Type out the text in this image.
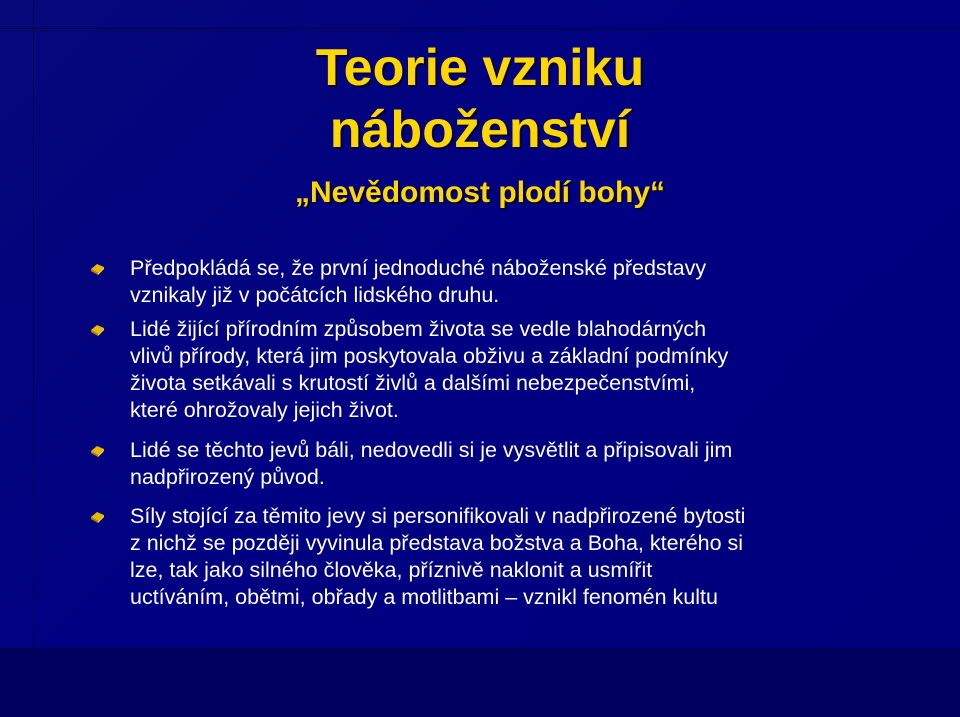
Teorie vzniku
náboženství
„Nevědomost plodí bohy“

Předpokládá se, že první jednoduché náboženské představy
vznikaly již v počátcích lidského druhu.

Lidé žijící přírodním způsobem života se vedle blahodárných
vlivů přírody, která jim poskytovala obživu a základní podmínky
života setkávali s krutostí živlů a dalšími nebezpečenstvími,
které ohrožovaly jejich život.

Lidé se těchto jevů báli, nedovedli si je vysvětlit a připisovali jim
nadpřirozený původ.

Síly stojící za těmito jevy si personifikovali v nadpřirozené bytosti
z nichž se později vyvinula představa božstva a Boha, kterého si
lze, tak jako silného člověka, příznivě naklonit a usmířit
uctíváním, obětmi, obřady a motlitbami – vznikl fenomén kultu
